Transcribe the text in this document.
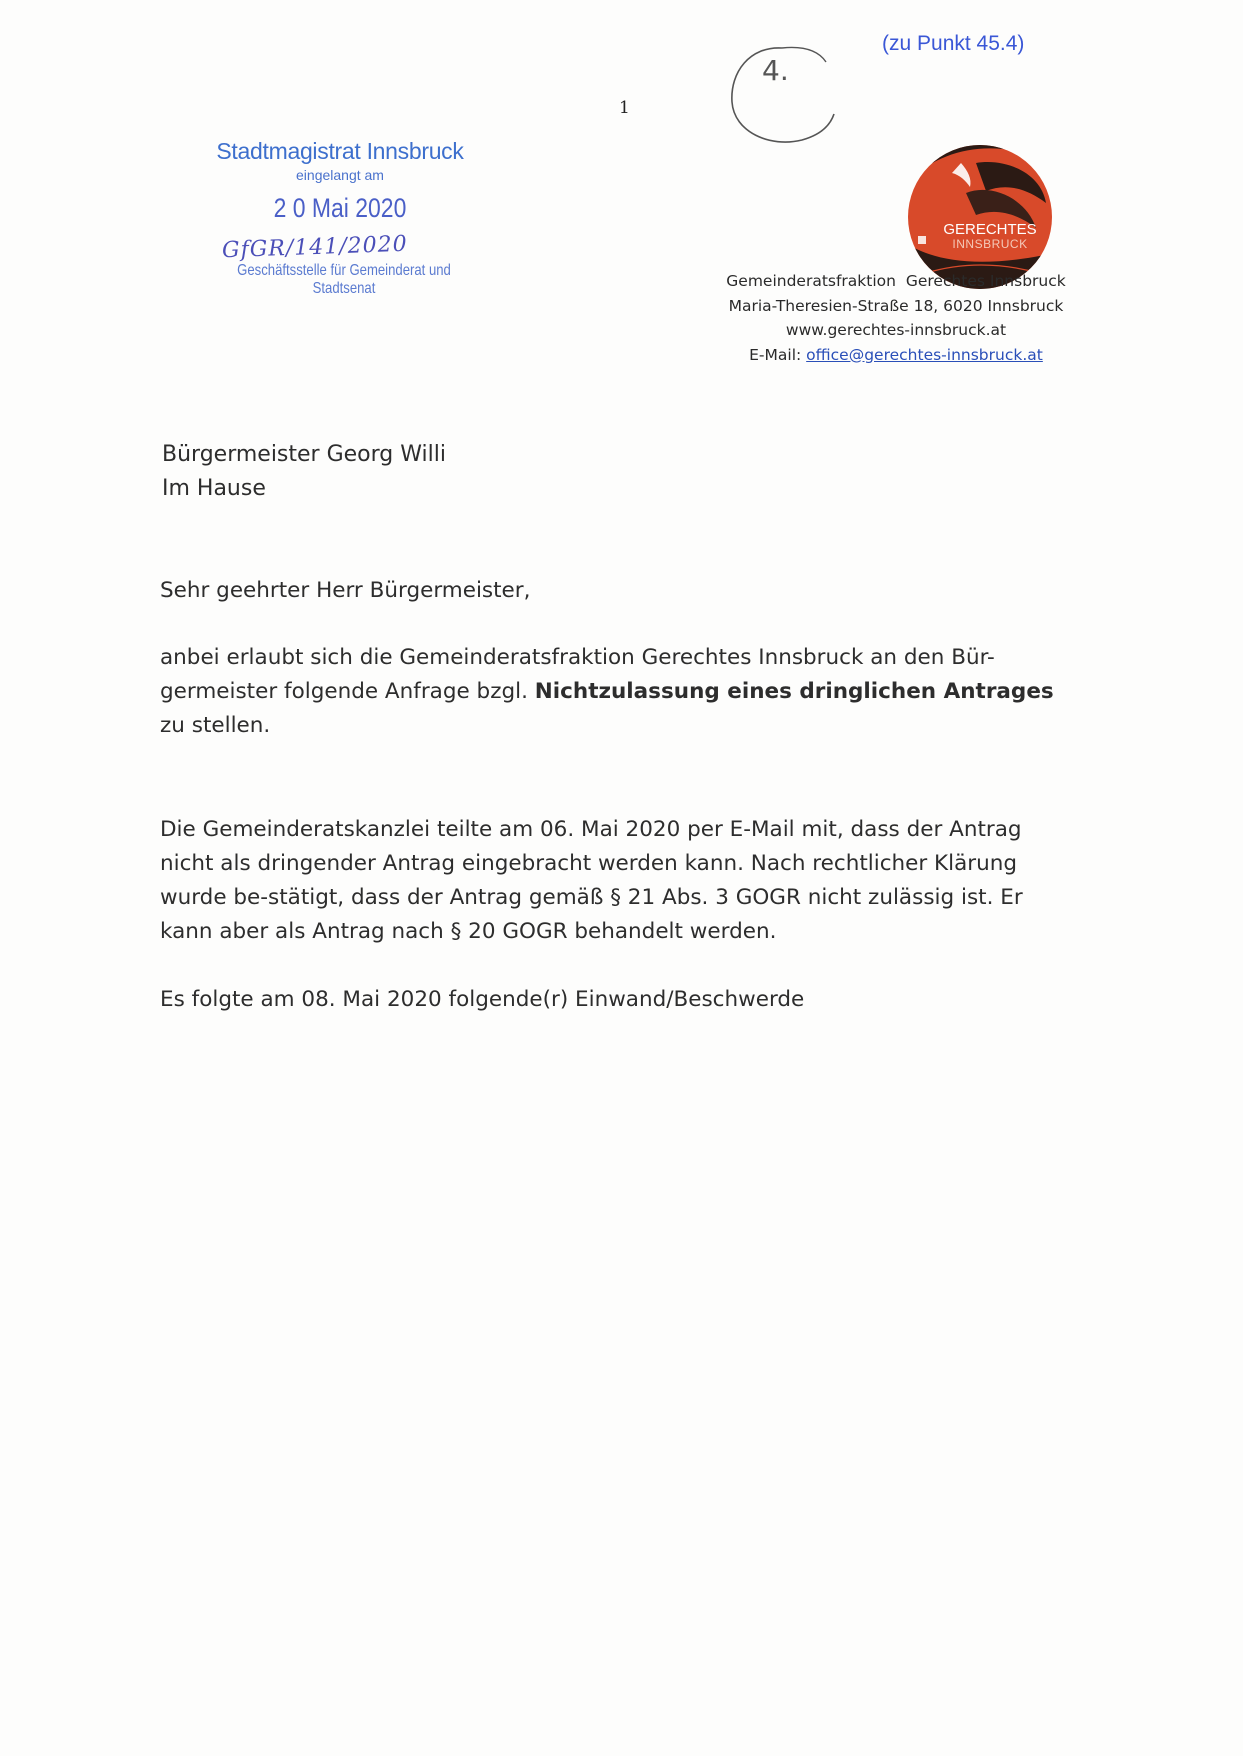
(zu Punkt 45.4)
4.
1
Stadtmagistrat Innsbruck
eingelangt am
2 0 Mai 2020
GfGR/141/2020
Geschäftsstelle für Gemeinderat und Stadtsenat
GERECHTES
INNSBRUCK
Gemeinderatsfraktion  Gerechtes Innsbruck
Maria-Theresien-Straße 18, 6020 Innsbruck
www.gerechtes-innsbruck.at
E-Mail: office@gerechtes-innsbruck.at
Bürgermeister Georg Willi
Im Hause
Sehr geehrter Herr Bürgermeister,
anbei erlaubt sich die Gemeinderatsfraktion Gerechtes Innsbruck an den Bür-
germeister folgende Anfrage bzgl. Nichtzulassung eines dringlichen Antrages
zu stellen.
Die Gemeinderatskanzlei teilte am 06. Mai 2020 per E-Mail mit, dass der Antrag
nicht als dringender Antrag eingebracht werden kann. Nach rechtlicher Klärung
wurde be-stätigt, dass der Antrag gemäß § 21 Abs. 3 GOGR nicht zulässig ist. Er
kann aber als Antrag nach § 20 GOGR behandelt werden.
Es folgte am 08. Mai 2020 folgende(r) Einwand/Beschwerde
